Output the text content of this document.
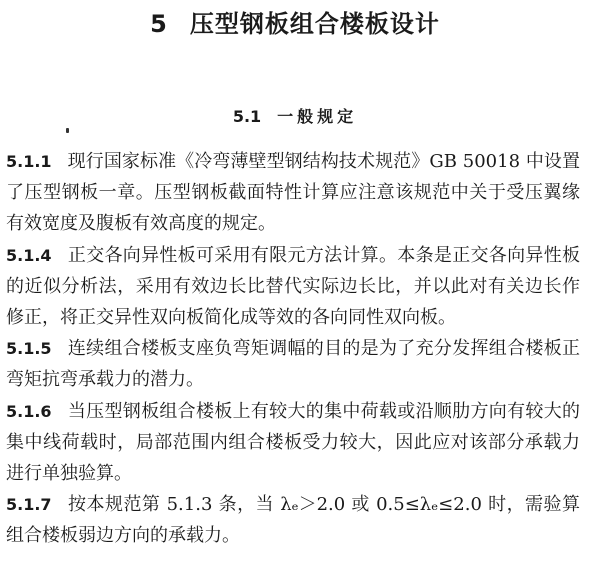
5 压型钢板组合楼板设计
5.1 一般规定

5.1.1 现行国家标准《冷弯薄壁型钢结构技术规范》GB 50018 中设置了压型钢板一章。压型钢板截面特性计算应注意该规范中关于受压翼缘有效宽度及腹板有效高度的规定。

5.1.4 正交各向异性板可采用有限元方法计算。本条是正交各向异性板的近似分析法，采用有效边长比替代实际边长比，并以此对有关边长作修正，将正交异性双向板简化成等效的各向同性双向板。

5.1.5 连续组合楼板支座负弯矩调幅的目的是为了充分发挥组合楼板正弯矩抗弯承载力的潜力。

5.1.6 当压型钢板组合楼板上有较大的集中荷载或沿顺肋方向有较大的集中线荷载时，局部范围内组合楼板受力较大，因此应对该部分承载力进行单独验算。

5.1.7 按本规范第 5.1.3 条，当 λₑ＞2.0 或 0.5≤λₑ≤2.0 时，需验算组合楼板弱边方向的承载力。
